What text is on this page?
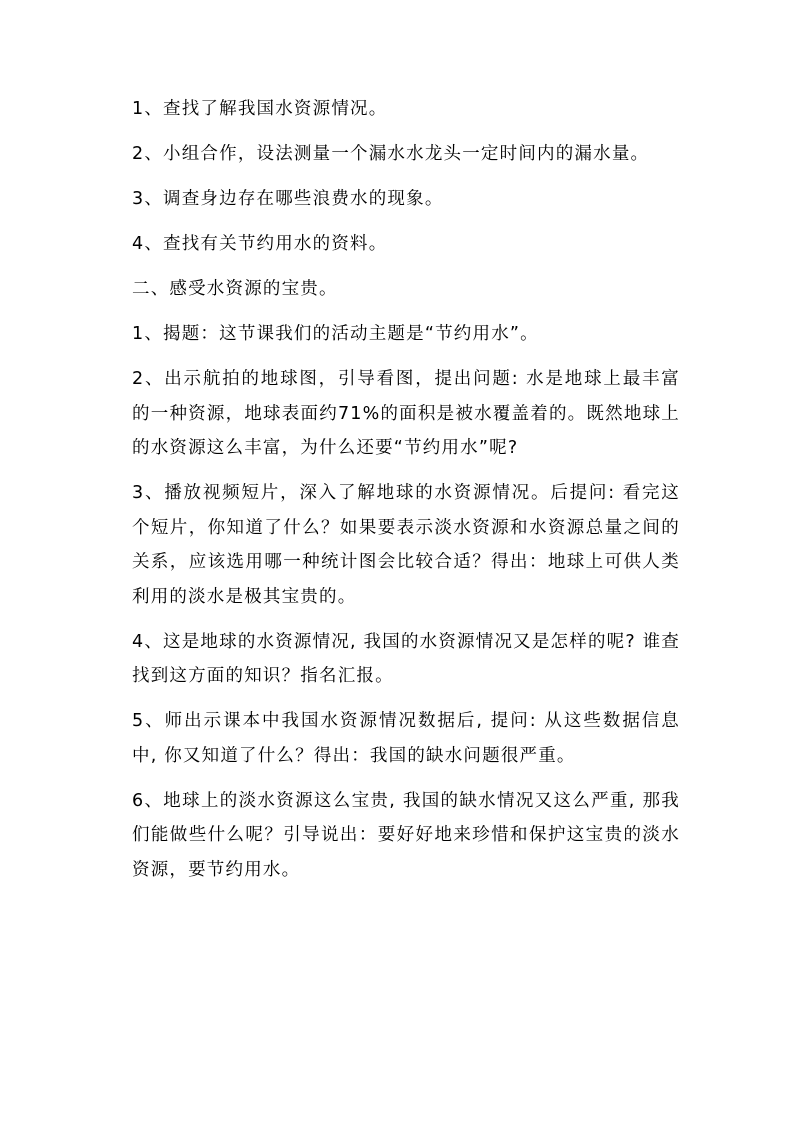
1、查找了解我国水资源情况。

2、小组合作，设法测量一个漏水水龙头一定时间内的漏水量。

3、调查身边存在哪些浪费水的现象。

4、查找有关节约用水的资料。

二、感受水资源的宝贵。

1、揭题：这节课我们的活动主题是“节约用水”。

2、出示航拍的地球图，引导看图，提出问题: 水是地球上最丰富的一种资源，地球表面约71%的面积是被水覆盖着的。既然地球上的水资源这么丰富，为什么还要“节约用水”呢?

3、播放视频短片，深入了解地球的水资源情况。后提问: 看完这个短片，你知道了什么？如果要表示淡水资源和水资源总量之间的关系，应该选用哪一种统计图会比较合适？得出：地球上可供人类利用的淡水是极其宝贵的。

4、这是地球的水资源情况, 我国的水资源情况又是怎样的呢? 谁查找到这方面的知识？指名汇报。

5、师出示课本中我国水资源情况数据后, 提问: 从这些数据信息中, 你又知道了什么？得出：我国的缺水问题很严重。

6、地球上的淡水资源这么宝贵, 我国的缺水情况又这么严重, 那我们能做些什么呢？引导说出：要好好地来珍惜和保护这宝贵的淡水资源，要节约用水。
